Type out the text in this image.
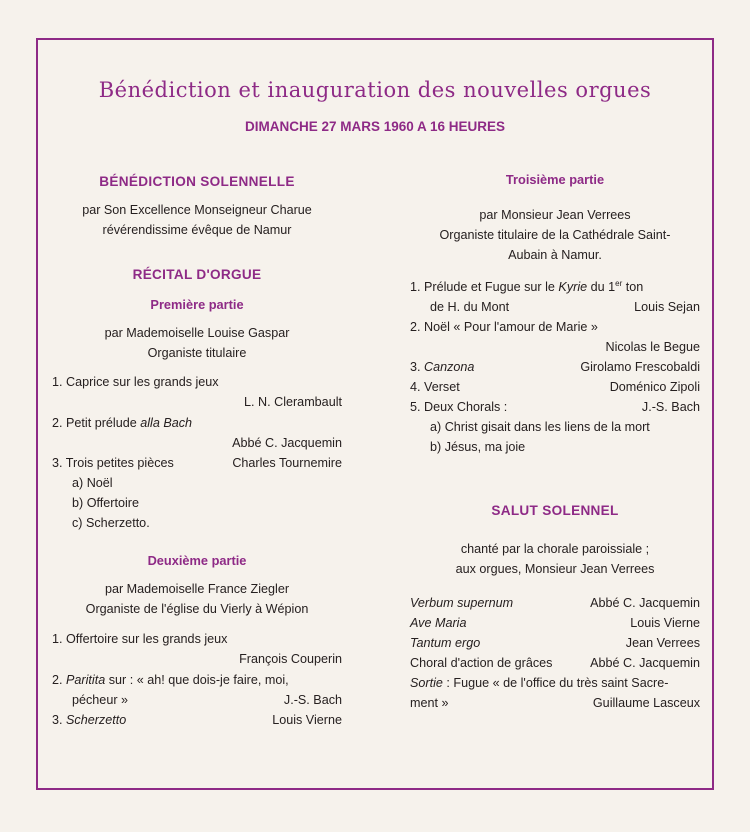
Bénédiction et inauguration des nouvelles orgues
DIMANCHE 27 MARS 1960 A 16 HEURES
BÉNÉDICTION SOLENNELLE
par Son Excellence Monseigneur Charue
révérendissime évêque de Namur
RÉCITAL D'ORGUE
Première partie
par Mademoiselle Louise Gaspar
Organiste titulaire
1. Caprice sur les grands jeux
L. N. Clerambault
2. Petit prélude alla Bach
Abbé C. Jacquemin
3. Trois petites pièces	Charles Tournemire
a) Noël
b) Offertoire
c) Scherzetto.
Deuxième partie
par Mademoiselle France Ziegler
Organiste de l'église du Vierly à Wépion
1. Offertoire sur les grands jeux
François Couperin
2. Paritita sur : « ah! que dois-je faire, moi,
pécheur »	J.-S. Bach
3. Scherzetto	Louis Vierne
Troisième partie
par Monsieur Jean Verrees
Organiste titulaire de la Cathédrale Saint-
Aubain à Namur.
1. Prélude et Fugue sur le Kyrie du 1er ton
de H. du Mont	Louis Sejan
2. Noël « Pour l'amour de Marie »
Nicolas le Begue
3. Canzona	Girolamo Frescobaldi
4. Verset	Doménico Zipoli
5. Deux Chorals :	J.-S. Bach
a) Christ gisait dans les liens de la mort
b) Jésus, ma joie
SALUT SOLENNEL
chanté par la chorale paroissiale ;
aux orgues, Monsieur Jean Verrees
Verbum supernum	Abbé C. Jacquemin
Ave Maria	Louis Vierne
Tantum ergo	Jean Verrees
Choral d'action de grâces	Abbé C. Jacquemin
Sortie : Fugue « de l'office du très saint Sacre-
ment »	Guillaume Lasceux
